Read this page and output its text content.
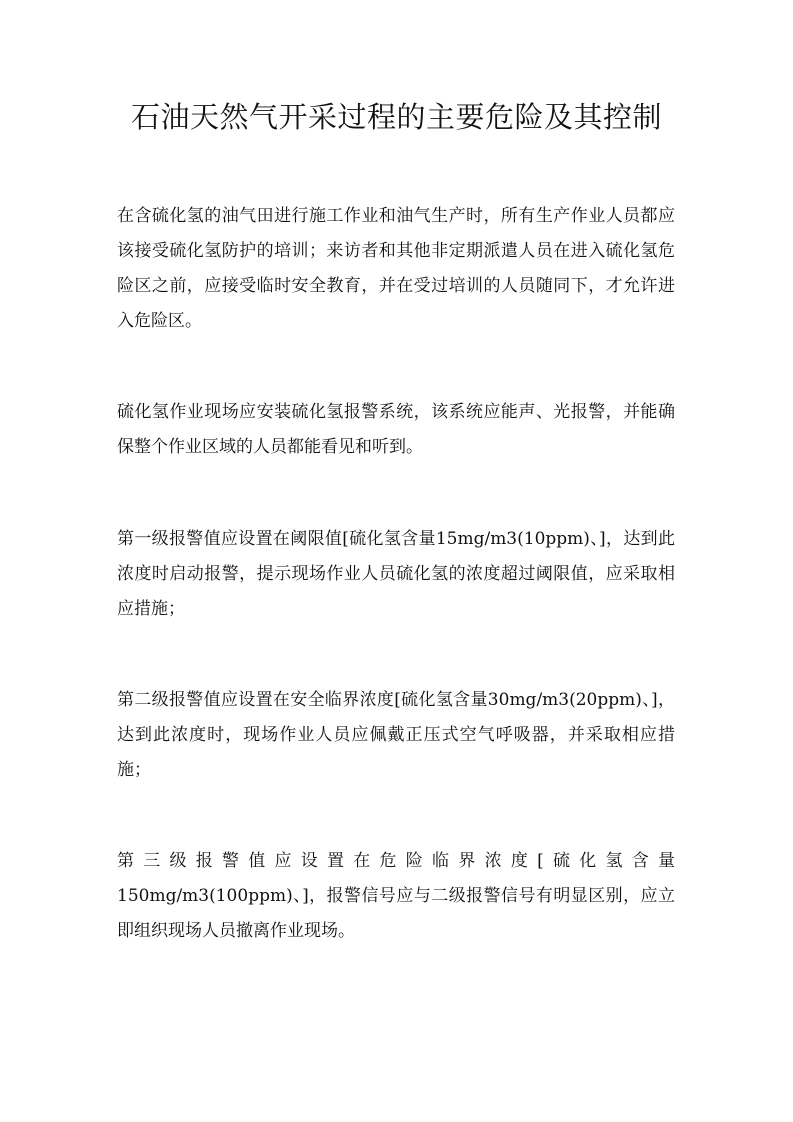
石油天然气开采过程的主要危险及其控制

在含硫化氢的油气田进行施工作业和油气生产时，所有生产作业人员都应该接受硫化氢防护的培训；来访者和其他非定期派遣人员在进入硫化氢危险区之前，应接受临时安全教育，并在受过培训的人员随同下，才允许进入危险区。

硫化氢作业现场应安装硫化氢报警系统，该系统应能声、光报警，并能确保整个作业区域的人员都能看见和听到。

第一级报警值应设置在阈限值[硫化氢含量15mg/m3(10ppm)、]，达到此浓度时启动报警，提示现场作业人员硫化氢的浓度超过阈限值，应采取相应措施；

第二级报警值应设置在安全临界浓度[硫化氢含量30mg/m3(20ppm)、]，达到此浓度时，现场作业人员应佩戴正压式空气呼吸器，并采取相应措施；

第三级报警值应设置在危险临界浓度[硫化氢含量150mg/m3(100ppm)、]，报警信号应与二级报警信号有明显区别，应立即组织现场人员撤离作业现场。
